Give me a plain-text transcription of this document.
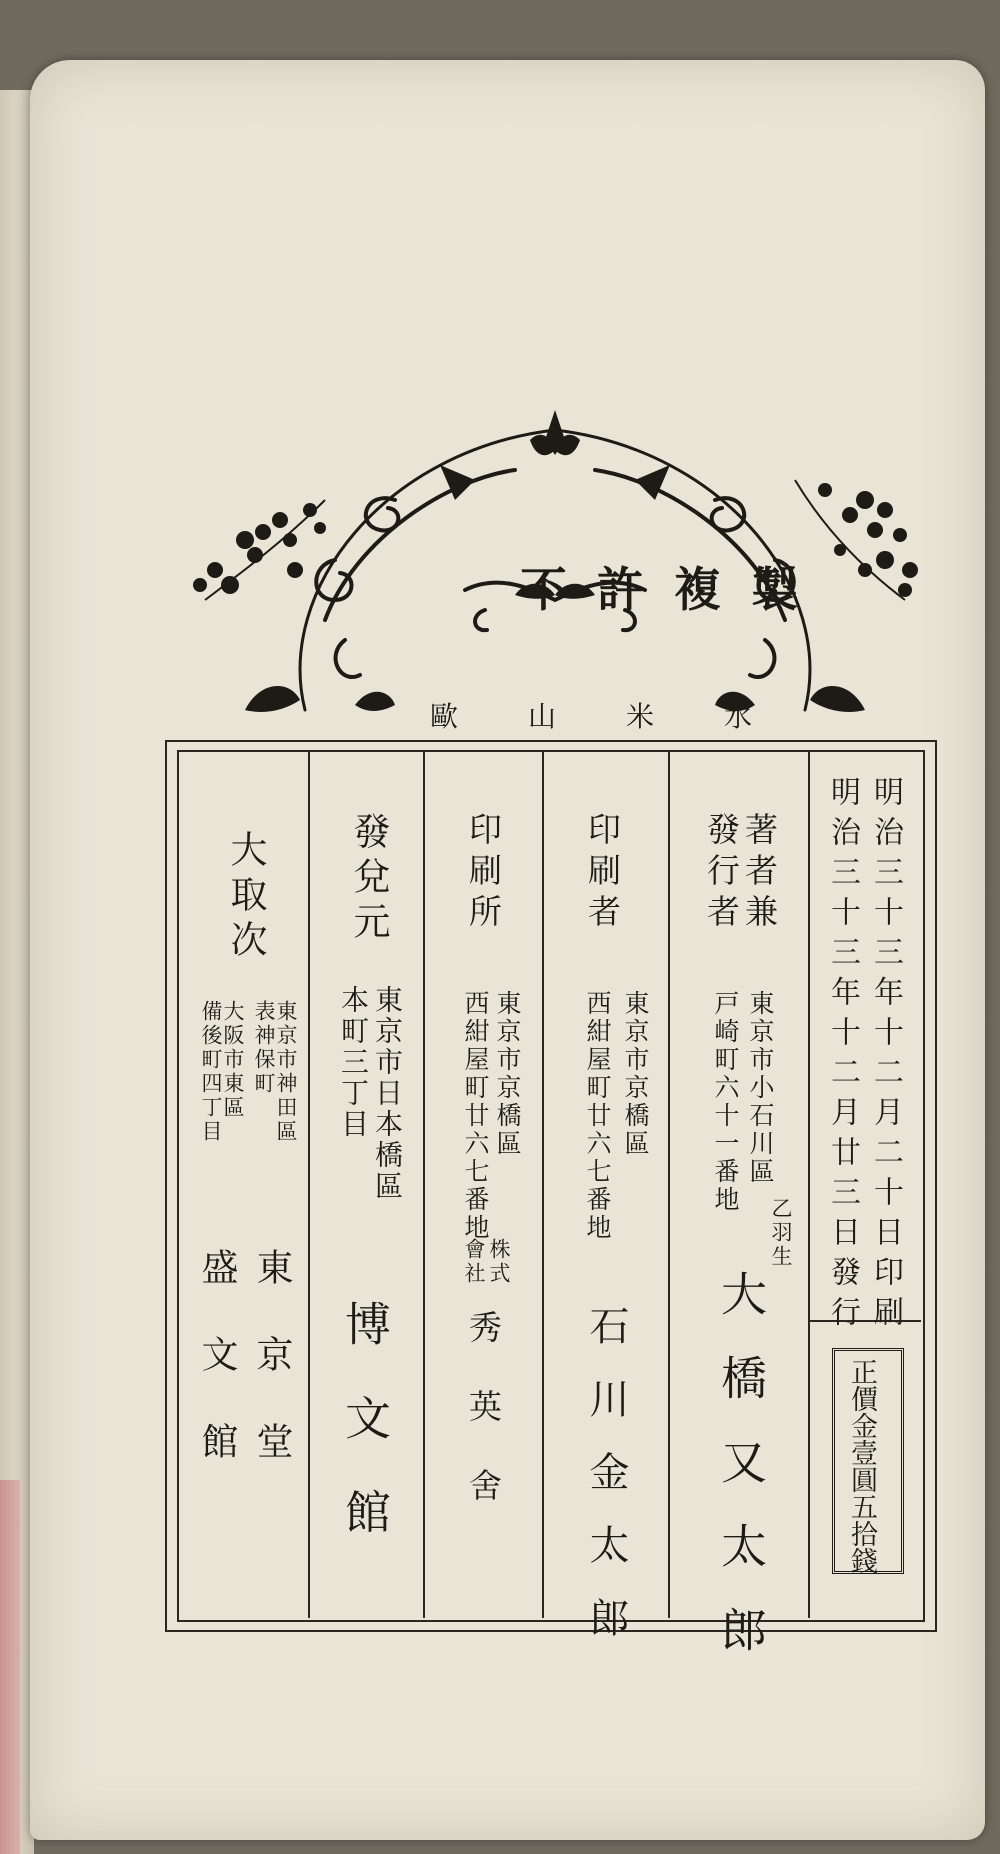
不許複製
歐山米水
明治三十三年十二月二十日印刷
明治三十三年十二月廿三日發行
正價金壹圓五拾錢
著者兼
發行者
東京市小石川區
戸崎町六十一番地
乙羽生
大橋又太郎
印刷者
東京市京橋區
西紺屋町廿六七番地
石川金太郎
印刷所
東京市京橋區
西紺屋町廿六七番地
株式
會社
秀英舍
發兌元
東京市日本橋區
本町三丁目
博文館
大取次
東京市神田區
表神保町
大阪市東區
備後町四丁目
東京堂
盛文館
